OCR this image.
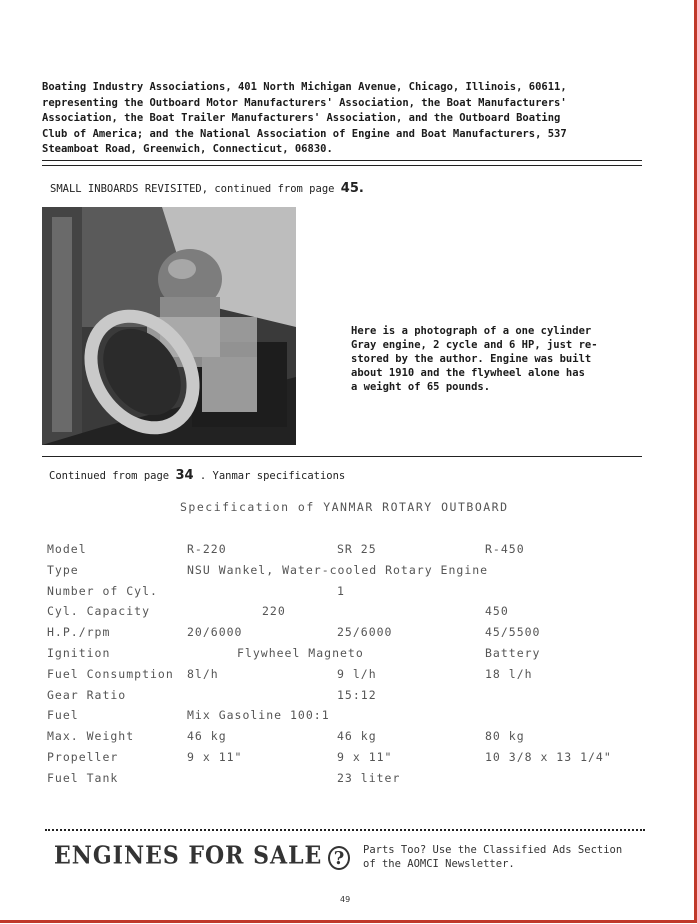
Boating Industry Associations, 401 North Michigan Avenue, Chicago, Illinois, 60611,
representing the Outboard Motor Manufacturers' Association, the Boat Manufacturers'
Association, the Boat Trailer Manufacturers' Association, and the Outboard Boating
Club of America; and the National Association of Engine and Boat Manufacturers, 537
Steamboat Road, Greenwich, Connecticut, 06830.
SMALL INBOARDS REVISITED, continued from page 45.
Here is a photograph of a one cylinder
Gray engine, 2 cycle and 6 HP, just re-
stored by the author. Engine was built
about 1910 and the flywheel alone has
a weight of 65 pounds.
Continued from page 34 . Yanmar specifications
Specification of YANMAR ROTARY OUTBOARD
Model	R-220	SR 25	R-450
Type	NSU Wankel, Water-cooled Rotary Engine
Number of Cyl.	1
Cyl. Capacity	220	450
H.P./rpm	20/6000	25/6000	45/5500
Ignition	Flywheel Magneto	Battery
Fuel Consumption 8l/h	9 l/h	18 l/h
Gear Ratio	15:12
Fuel	Mix Gasoline 100:1
Max. Weight	46 kg	46 kg	80 kg
Propeller	9 x 11"	9 x 11"	10 3/8 x 13 1/4"
Fuel Tank	23 liter
ENGINES FOR SALE ?	Parts Too? Use the Classified Ads Section
of the AOMCI Newsletter.
49
